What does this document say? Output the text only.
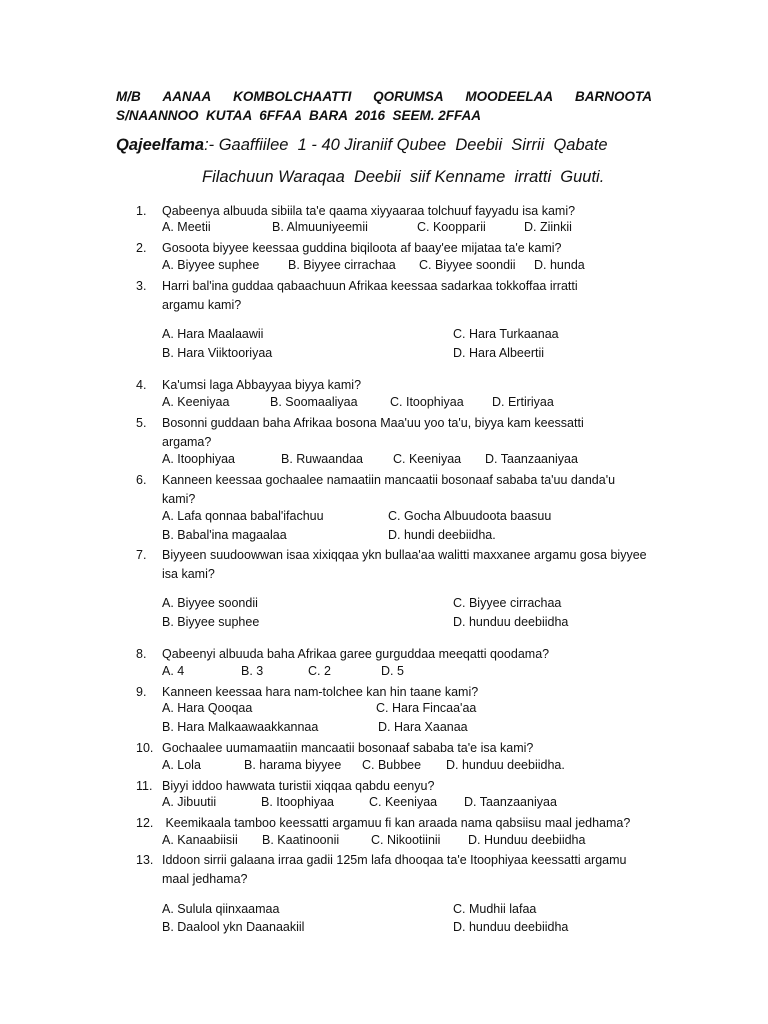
M/B AANAA KOMBOLCHAATTI QORUMSA MOODEELAA BARNOOTA
S/NAANNOO  KUTAA  6FFAA  BARA  2016  SEEM. 2FFAA
Qajeelfama:- Gaaffiilee  1 - 40 Jiraniif Qubee  Deebii  Sirrii  Qabate
Filachuun Waraqaa  Deebii  siif Kenname  irratti  Guuti.
1.	Qabeenya albuuda sibiila ta'e qaama xiyyaaraa tolchuuf fayyadu isa kami?
A. Meetii	B. Almuuniyeemii	C. Koopparii	D. Ziinkii
2.	Gosoota biyyee keessaa guddina biqiloota af baay'ee mijataa ta'e kami?
A. Biyyee suphee B. Biyyee cirrachaa C. Biyyee soondii D. hunda
3.	Harri bal'ina guddaa qabaachuun Afrikaa keessaa sadarkaa tokkoffaa irratti argamu kami?
A. Hara Maalaawii	C. Hara Turkaanaa
B. Hara Viiktooriyaa	D. Hara Albeertii
4.	Ka'umsi laga Abbayyaa biyya kami?
A. Keeniyaa	B. Soomaaliyaa	C. Itoophiyaa D. Ertiriyaa
5.	Bosonni guddaan baha Afrikaa bosona Maa'uu yoo ta'u, biyya kam keessatti argama?
A. Itoophiyaa	B. Ruwaandaa C. Keeniyaa D. Taanzaaniyaa
6.	Kanneen keessaa gochaalee namaatiin mancaatii bosonaaf sababa ta'uu danda'u kami?
A. Lafa qonnaa babal'ifachuu	C. Gocha Albuudoota baasuu
B. Babal'ina magaalaa	D. hundi deebiidha.
7.	Biyyeen suudoowwan isaa xixiqqaa ykn bullaa'aa walitti maxxanee argamu gosa biyyee isa kami?
A. Biyyee soondii	C. Biyyee cirrachaa
B. Biyyee suphee	D. hunduu deebiidha
8.	Qabeenyi albuuda baha Afrikaa garee gurguddaa meeqatti qoodama?
A. 4	B. 3	C. 2	D. 5
9.	Kanneen keessaa hara nam-tolchee kan hin taane kami?
A. Hara Qooqaa	C. Hara Fincaa'aa
B. Hara Malkaawaakkannaa	D. Hara Xaanaa
10. Gochaalee uumamaatiin mancaatii bosonaaf sababa ta'e isa kami?
A. Lola	B. harama biyyee C. Bubbee D. hunduu deebiidha.
11. Biyyi iddoo hawwata turistii xiqqaa qabdu eenyu?
A. Jibuutii	B. Itoophiyaa	C. Keeniyaa D. Taanzaaniyaa
12. Keemikaala tamboo keessatti argamuu fi kan araada nama qabsiisu maal jedhama?
A. Kanaabiisii B. Kaatinoonii	C. Nikootiinii D. Hunduu deebiidha
13. Iddoon sirrii galaana irraa gadii 125m lafa dhooqaa ta'e Itoophiyaa keessatti argamu maal jedhama?
A. Sulula qiinxaamaa	C. Mudhii lafaa
B. Daalool ykn Daanaakiil	D. hunduu deebiidha
